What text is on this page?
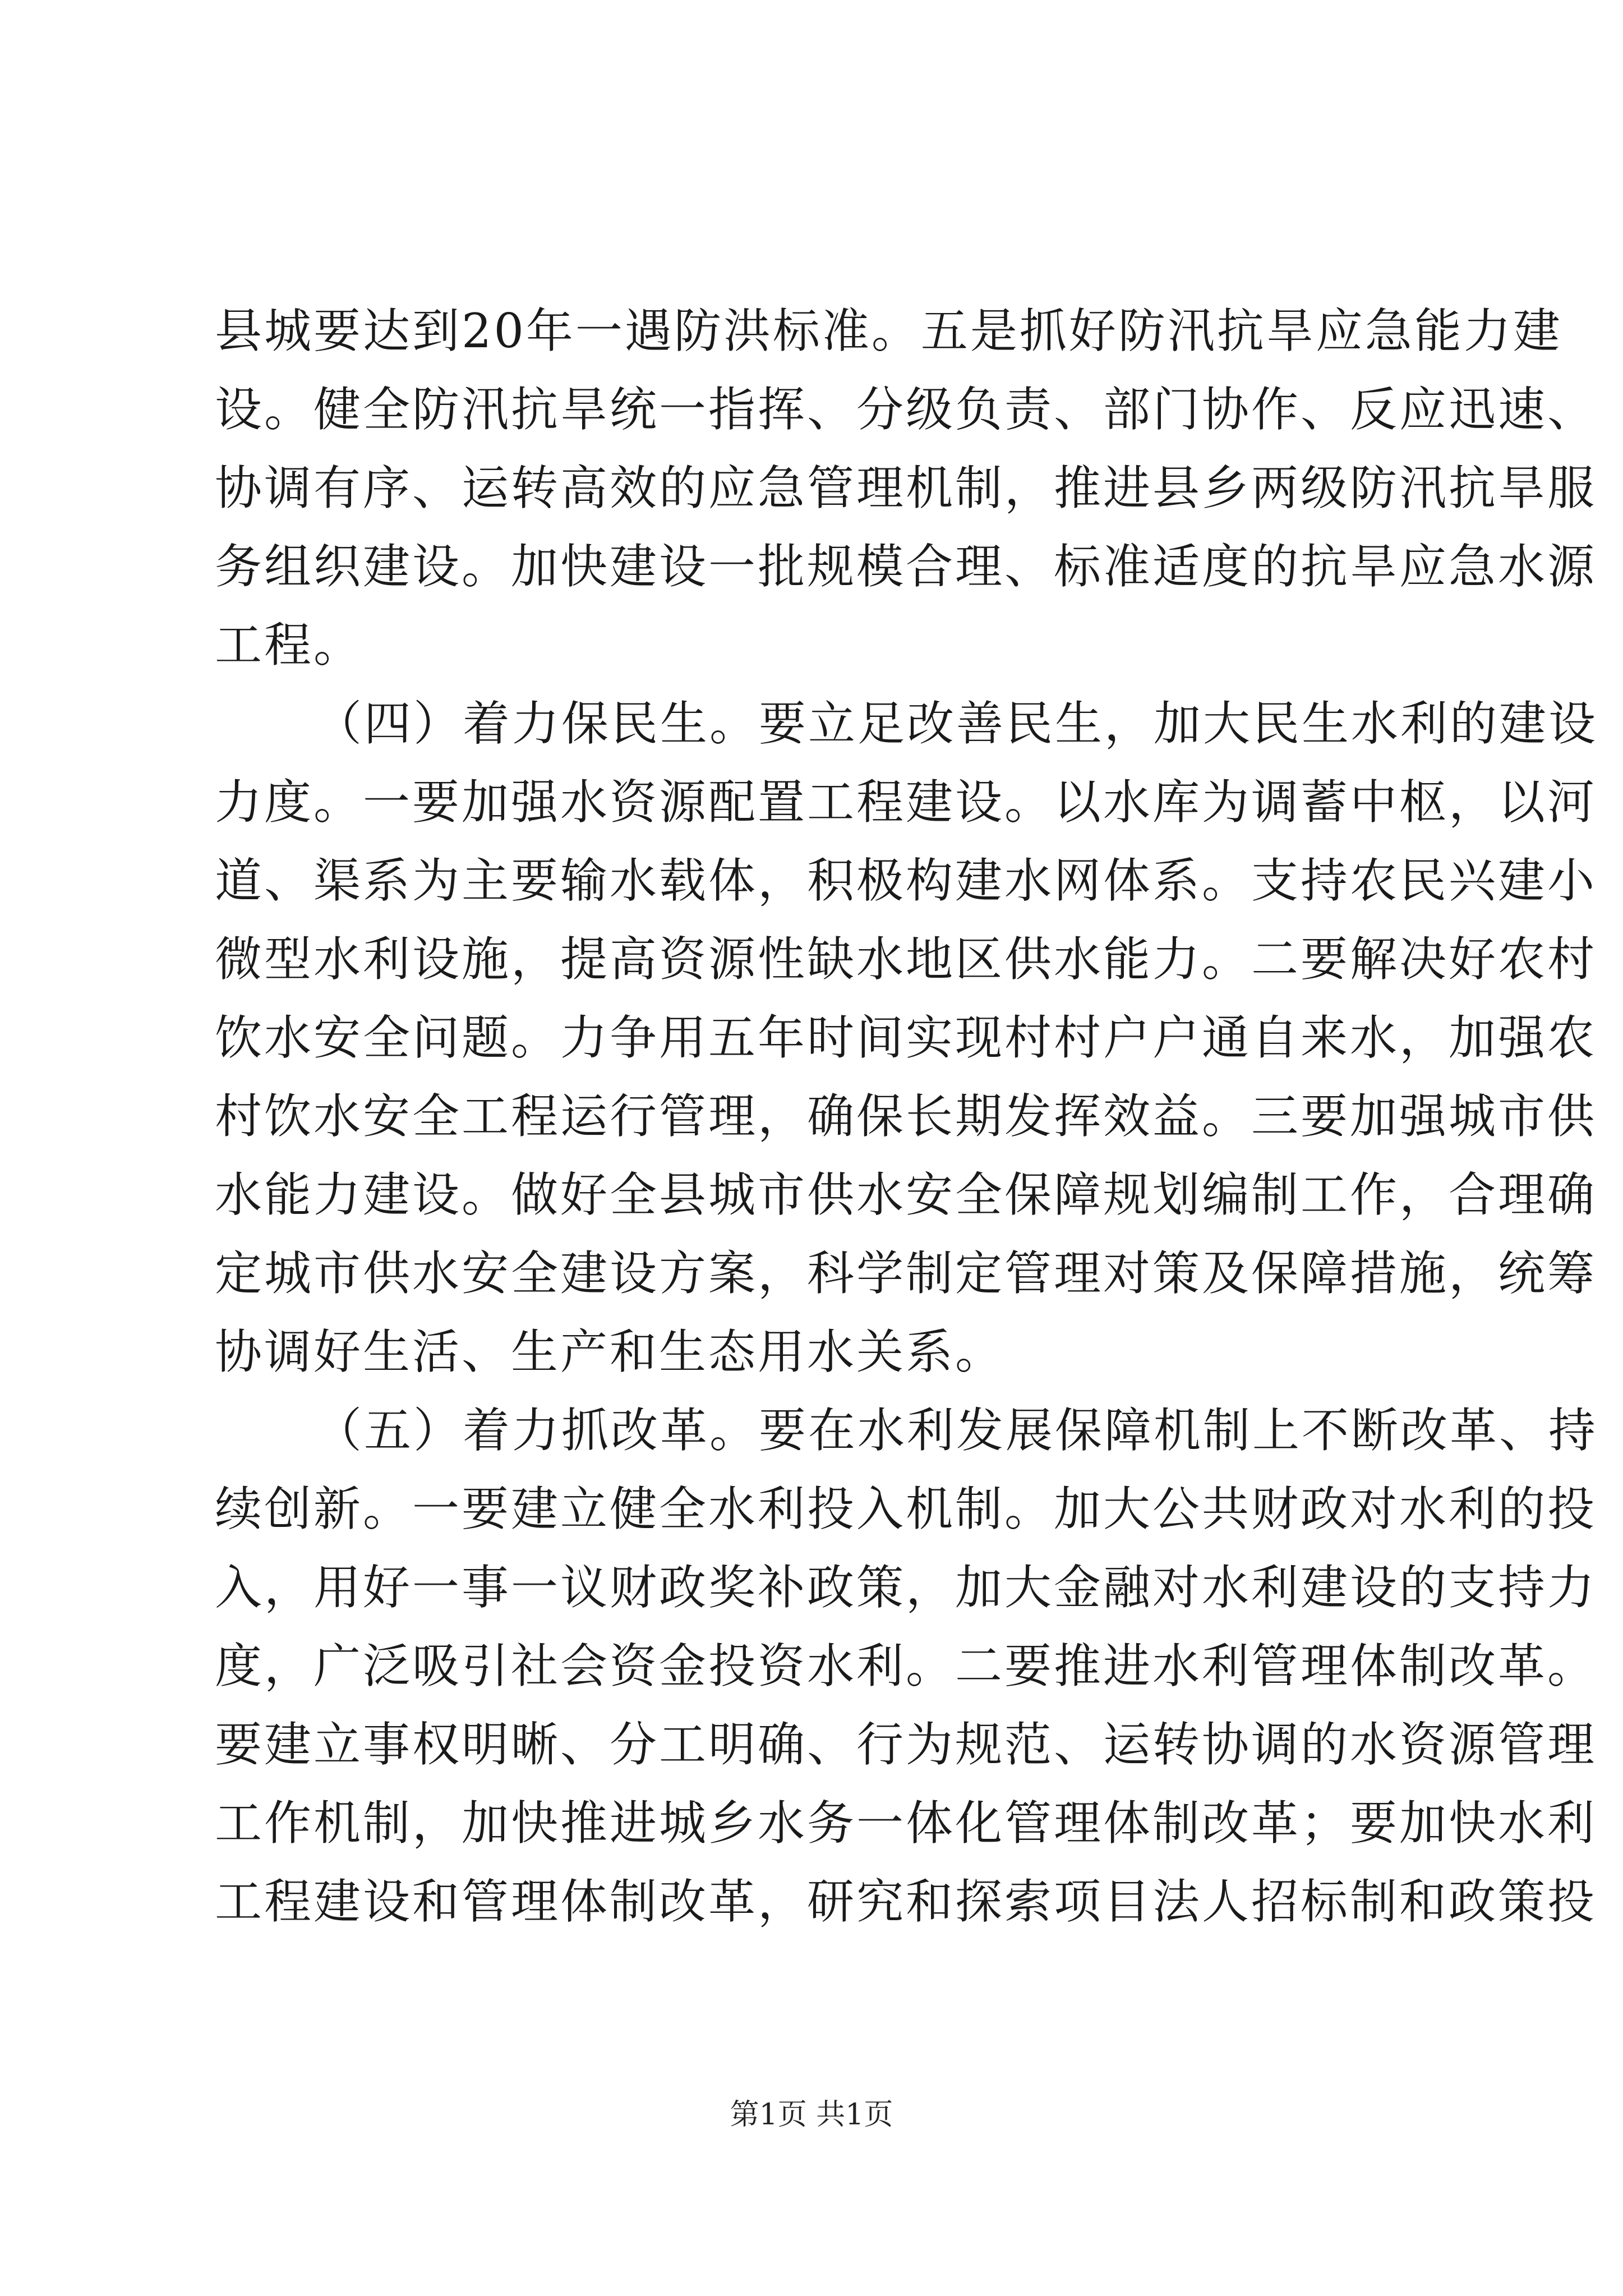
县城要达到20年一遇防洪标准。五是抓好防汛抗旱应急能力建
设。健全防汛抗旱统一指挥、分级负责、部门协作、反应迅速、
协调有序、运转高效的应急管理机制，推进县乡两级防汛抗旱服
务组织建设。加快建设一批规模合理、标准适度的抗旱应急水源
工程。
（四）着力保民生。要立足改善民生，加大民生水利的建设
力度。一要加强水资源配置工程建设。以水库为调蓄中枢，以河
道、渠系为主要输水载体，积极构建水网体系。支持农民兴建小
微型水利设施，提高资源性缺水地区供水能力。二要解决好农村
饮水安全问题。力争用五年时间实现村村户户通自来水，加强农
村饮水安全工程运行管理，确保长期发挥效益。三要加强城市供
水能力建设。做好全县城市供水安全保障规划编制工作，合理确
定城市供水安全建设方案，科学制定管理对策及保障措施，统筹
协调好生活、生产和生态用水关系。
（五）着力抓改革。要在水利发展保障机制上不断改革、持
续创新。一要建立健全水利投入机制。加大公共财政对水利的投
入，用好一事一议财政奖补政策，加大金融对水利建设的支持力
度，广泛吸引社会资金投资水利。二要推进水利管理体制改革。
要建立事权明晰、分工明确、行为规范、运转协调的水资源管理
工作机制，加快推进城乡水务一体化管理体制改革；要加快水利
工程建设和管理体制改革，研究和探索项目法人招标制和政策投
第1页 共1页
